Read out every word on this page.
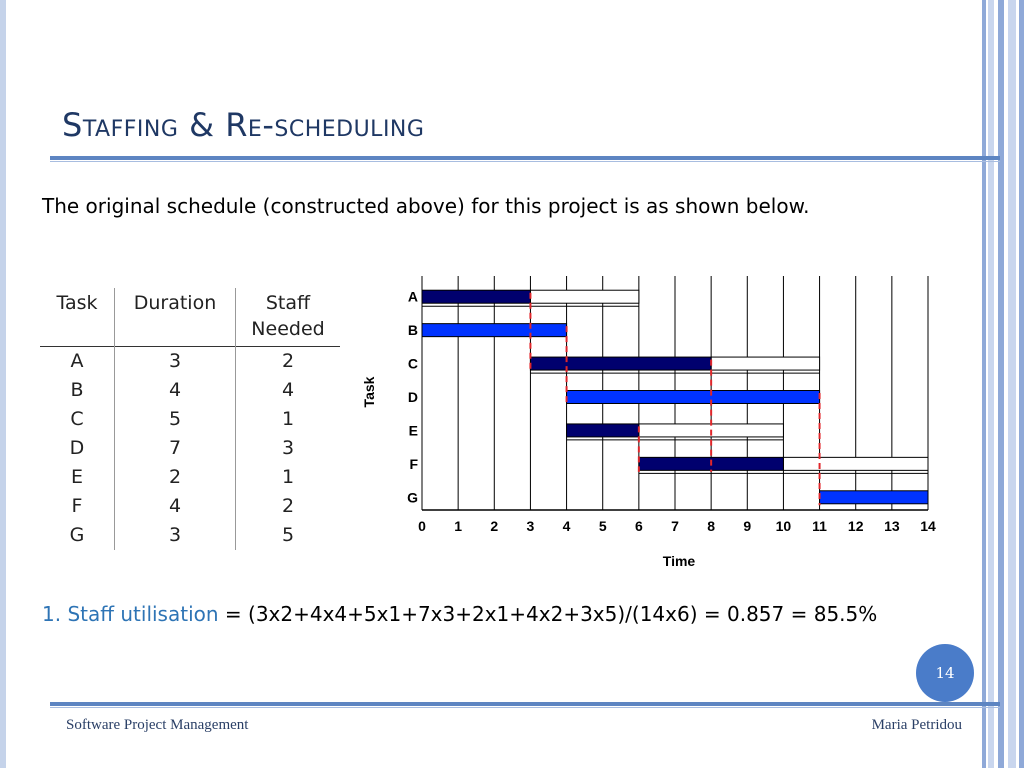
Staffing & Re-scheduling
The original schedule (constructed above) for this project is as shown below.
Task	Duration	Staff
Needed

A	3	2
B	4	4
C	5	1
D	7	3
E	2	1
F	4	2
G	3	5
A
B
C
D
E
F
G
0 1 2 3 4 5 6 7 8 9 10 11 12 13 14
Time
Task
1. Staff utilisation = (3x2+4x4+5x1+7x3+2x1+4x2+3x5)/(14x6) = 0.857 = 85.5%
14
Software Project Management	Maria Petridou
